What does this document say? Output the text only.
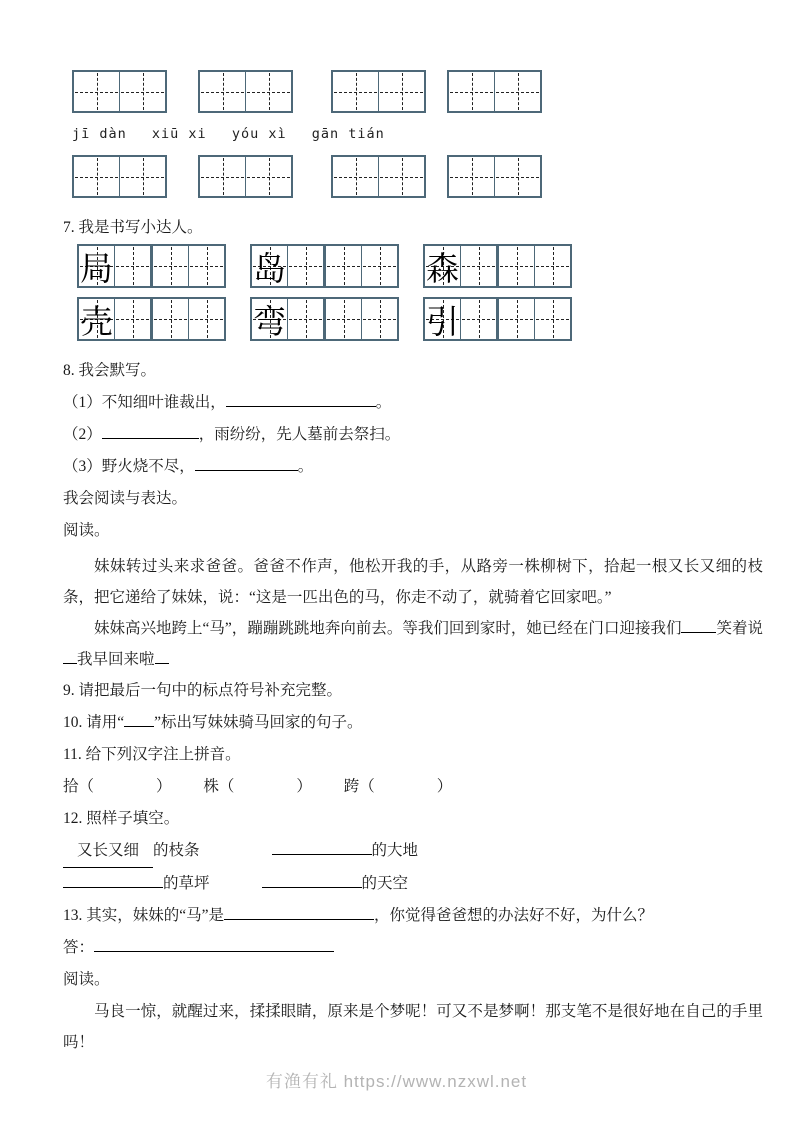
jī dàn xiū xi yóu xì gān tián

7. 我是书写小达人。

局	岛	森
壳	弯	引

8. 我会默写。

（1）不知细叶谁裁出，	。

（2）	，雨纷纷，先人墓前去祭扫。

（3）野火烧不尽，	。

我会阅读与表达。

阅读。

妹妹转过头来求爸爸。爸爸不作声，他松开我的手，从路旁一株柳树下，拾起一根又长又细的枝条，把它递给了妹妹，说：“这是一匹出色的马，你走不动了，就骑着它回家吧。”

妹妹高兴地跨上“马”，蹦蹦跳跳地奔向前去。等我们回到家时，她已经在门口迎接我们 笑着说我早回来啦

9. 请把最后一句中的标点符号补充完整。

10. 请用“ ”标出写妹妹骑马回家的句子。

11. 给下列汉字注上拼音。

拾（　　　　） 株（　　　　） 跨（　　　　）

12. 照样子填空。

又长又细 的枝条	的大地

的草坪	的天空

13. 其实，妹妹的“马”是	，你觉得爸爸想的办法好不好，为什么？

答：

阅读。

马良一惊，就醒过来，揉揉眼睛，原来是个梦呢！可又不是梦啊！那支笔不是很好地在自己的手里吗！

有渔有礼 https://www.nzxwl.net
